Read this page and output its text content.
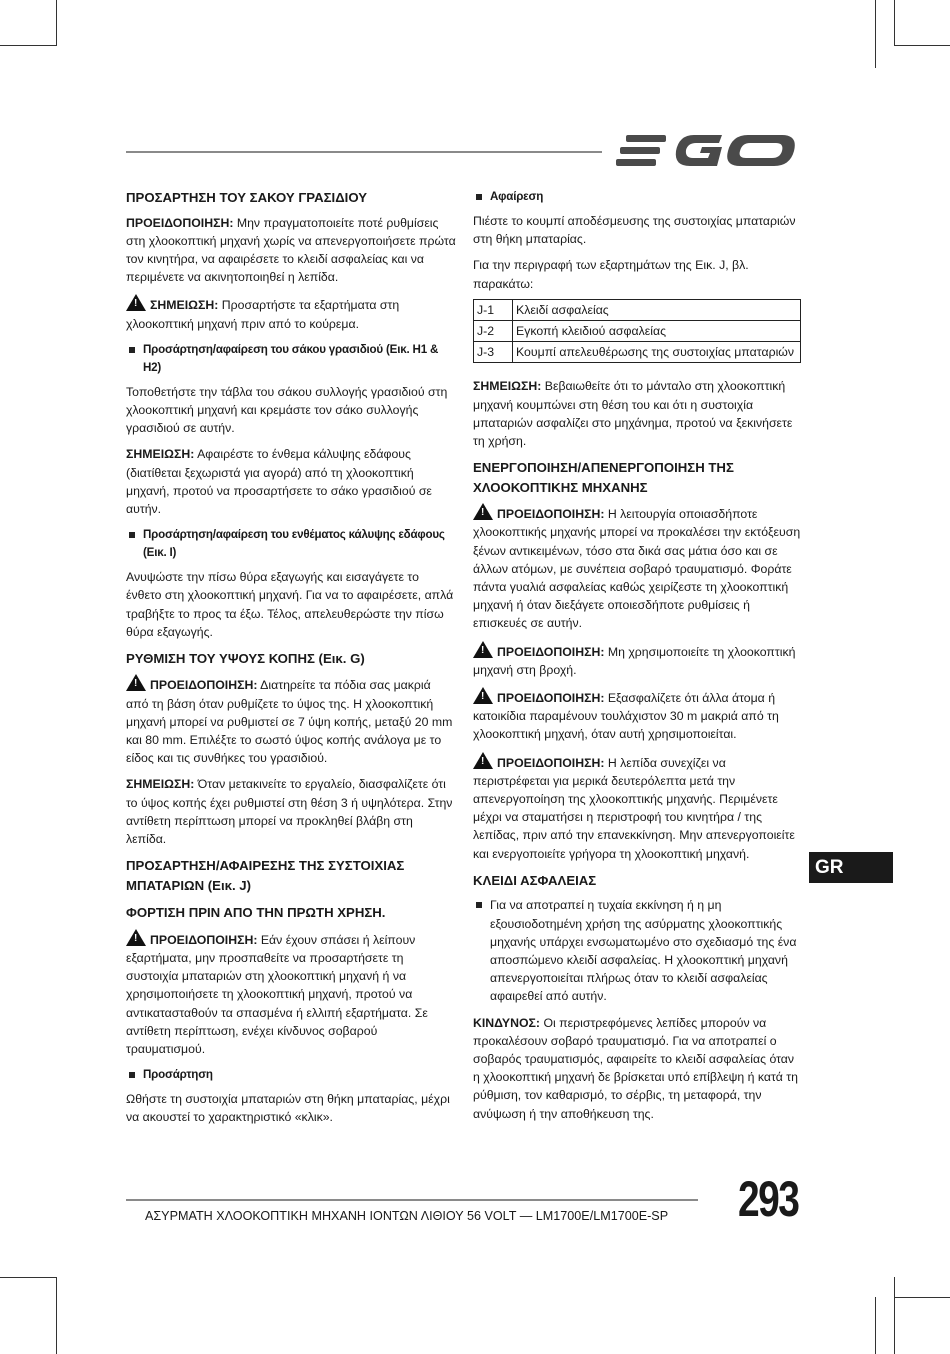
ΠΡΟΣΑΡΤΗΣΗ ΤΟΥ ΣΑΚΟΥ ΓΡΑΣΙΔΙΟΥ

ΠΡΟΕΙΔΟΠΟΙΗΣΗ: Μην πραγματοποιείτε ποτέ ρυθμίσεις στη χλοοκοπτική μηχανή χωρίς να απενεργοποιήσετε πρώτα τον κινητήρα, να αφαιρέσετε το κλειδί ασφαλείας και να περιμένετε να ακινητοποιηθεί η λεπίδα.

! ΣΗΜΕΙΩΣΗ: Προσαρτήστε τα εξαρτήματα στη χλοοκοπτική μηχανή πριν από το κούρεμα.

Προσάρτηση/αφαίρεση του σάκου γρασιδιού (Εικ. H1 & H2)

Τοποθετήστε την τάβλα του σάκου συλλογής γρασιδιού στη χλοοκοπτική μηχανή και κρεμάστε τον σάκο συλλογής γρασιδιού σε αυτήν.

ΣΗΜΕΙΩΣΗ: Αφαιρέστε το ένθεμα κάλυψης εδάφους (διατίθεται ξεχωριστά για αγορά) από τη χλοοκοπτική μηχανή, προτού να προσαρτήσετε το σάκο γρασιδιού σε αυτήν.

Προσάρτηση/αφαίρεση του ενθέματος κάλυψης εδάφους (Εικ. I)

Ανυψώστε την πίσω θύρα εξαγωγής και εισαγάγετε το ένθετο στη χλοοκοπτική μηχανή. Για να το αφαιρέσετε, απλά τραβήξτε το προς τα έξω. Τέλος, απελευθερώστε την πίσω θύρα εξαγωγής.

ΡΥΘΜΙΣΗ ΤΟΥ ΥΨΟΥΣ ΚΟΠΗΣ (Εικ. G)

! ΠΡΟΕΙΔΟΠΟΙΗΣΗ: Διατηρείτε τα πόδια σας μακριά από τη βάση όταν ρυθμίζετε το ύψος της. Η χλοοκοπτική μηχανή μπορεί να ρυθμιστεί σε 7 ύψη κοπής, μεταξύ 20 mm και 80 mm. Επιλέξτε το σωστό ύψος κοπής ανάλογα με το είδος και τις συνθήκες του γρασιδιού.

ΣΗΜΕΙΩΣΗ: Όταν μετακινείτε το εργαλείο, διασφαλίζετε ότι το ύψος κοπής έχει ρυθμιστεί στη θέση 3 ή υψηλότερα. Στην αντίθετη περίπτωση μπορεί να προκληθεί βλάβη στη λεπίδα.

ΠΡΟΣΑΡΤΗΣΗ/ΑΦΑΙΡΕΣΗΣ ΤΗΣ ΣΥΣΤΟΙΧΙΑΣ ΜΠΑΤΑΡΙΩΝ (Εικ. J)
ΦΟΡΤΙΣΗ ΠΡΙΝ ΑΠΟ ΤΗΝ ΠΡΩΤΗ ΧΡΗΣΗ.

! ΠΡΟΕΙΔΟΠΟΙΗΣΗ: Εάν έχουν σπάσει ή λείπουν εξαρτήματα, μην προσπαθείτε να προσαρτήσετε τη συστοιχία μπαταριών στη χλοοκοπτική μηχανή ή να χρησιμοποιήσετε τη χλοοκοπτική μηχανή, προτού να αντικατασταθούν τα σπασμένα ή ελλιπή εξαρτήματα. Σε αντίθετη περίπτωση, ενέχει κίνδυνος σοβαρού τραυματισμού.

Προσάρτηση

Ωθήστε τη συστοιχία μπαταριών στη θήκη μπαταρίας, μέχρι να ακουστεί το χαρακτηριστικό «κλικ».

Αφαίρεση

Πιέστε το κουμπί αποδέσμευσης της συστοιχίας μπαταριών στη θήκη μπαταρίας.

Για την περιγραφή των εξαρτημάτων της Εικ. J, βλ. παρακάτω:

J-1	Κλειδί ασφαλείας
J-2	Εγκοπή κλειδιού ασφαλείας
J-3	Κουμπί απελευθέρωσης της συστοιχίας μπαταριών

ΣΗΜΕΙΩΣΗ: Βεβαιωθείτε ότι το μάνταλο στη χλοοκοπτική μηχανή κουμπώνει στη θέση του και ότι η συστοιχία μπαταριών ασφαλίζει στο μηχάνημα, προτού να ξεκινήσετε τη χρήση.

ΕΝΕΡΓΟΠΟΙΗΣΗ/ΑΠΕΝΕΡΓΟΠΟΙΗΣΗ ΤΗΣ ΧΛΟΟΚΟΠΤΙΚΗΣ ΜΗΧΑΝΗΣ

! ΠΡΟΕΙΔΟΠΟΙΗΣΗ: Η λειτουργία οποιασδήποτε χλοοκοπτικής μηχανής μπορεί να προκαλέσει την εκτόξευση ξένων αντικειμένων, τόσο στα δικά σας μάτια όσο και σε άλλων ατόμων, με συνέπεια σοβαρό τραυματισμό. Φοράτε πάντα γυαλιά ασφαλείας καθώς χειρίζεστε τη χλοοκοπτική μηχανή ή όταν διεξάγετε οποιεσδήποτε ρυθμίσεις ή επισκευές σε αυτήν.

! ΠΡΟΕΙΔΟΠΟΙΗΣΗ: Μη χρησιμοποιείτε τη χλοοκοπτική μηχανή στη βροχή.

! ΠΡΟΕΙΔΟΠΟΙΗΣΗ: Εξασφαλίζετε ότι άλλα άτομα ή κατοικίδια παραμένουν τουλάχιστον 30 m μακριά από τη χλοοκοπτική μηχανή, όταν αυτή χρησιμοποιείται.

! ΠΡΟΕΙΔΟΠΟΙΗΣΗ: Η λεπίδα συνεχίζει να περιστρέφεται για μερικά δευτερόλεπτα μετά την απενεργοποίηση της χλοοκοπτικής μηχανής. Περιμένετε μέχρι να σταματήσει η περιστροφή του κινητήρα / της λεπίδας, πριν από την επανεκκίνηση. Μην απενεργοποιείτε και ενεργοποιείτε γρήγορα τη χλοοκοπτική μηχανή.

ΚΛΕΙΔΙ ΑΣΦΑΛΕΙΑΣ

Για να αποτραπεί η τυχαία εκκίνηση ή η μη εξουσιοδοτημένη χρήση της ασύρματης χλοοκοπτικής μηχανής υπάρχει ενσωματωμένο στο σχεδιασμό της ένα αποσπώμενο κλειδί ασφαλείας. Η χλοοκοπτική μηχανή απενεργοποιείται πλήρως όταν το κλειδί ασφαλείας αφαιρεθεί από αυτήν.

ΚΙΝΔΥΝΟΣ: Οι περιστρεφόμενες λεπίδες μπορούν να προκαλέσουν σοβαρό τραυματισμό. Για να αποτραπεί ο σοβαρός τραυματισμός, αφαιρείτε το κλειδί ασφαλείας όταν η χλοοκοπτική μηχανή δε βρίσκεται υπό επίβλεψη ή κατά τη ρύθμιση, τον καθαρισμό, το σέρβις, τη μεταφορά, την ανύψωση ή την αποθήκευση της.

GR
ΑΣΥΡΜΑΤΗ ΧΛΟΟΚΟΠΤΙΚΗ ΜΗΧΑΝΗ ΙΟΝΤΩΝ ΛΙΘΙΟΥ 56 VOLT — LM1700E/LM1700E-SP 293
